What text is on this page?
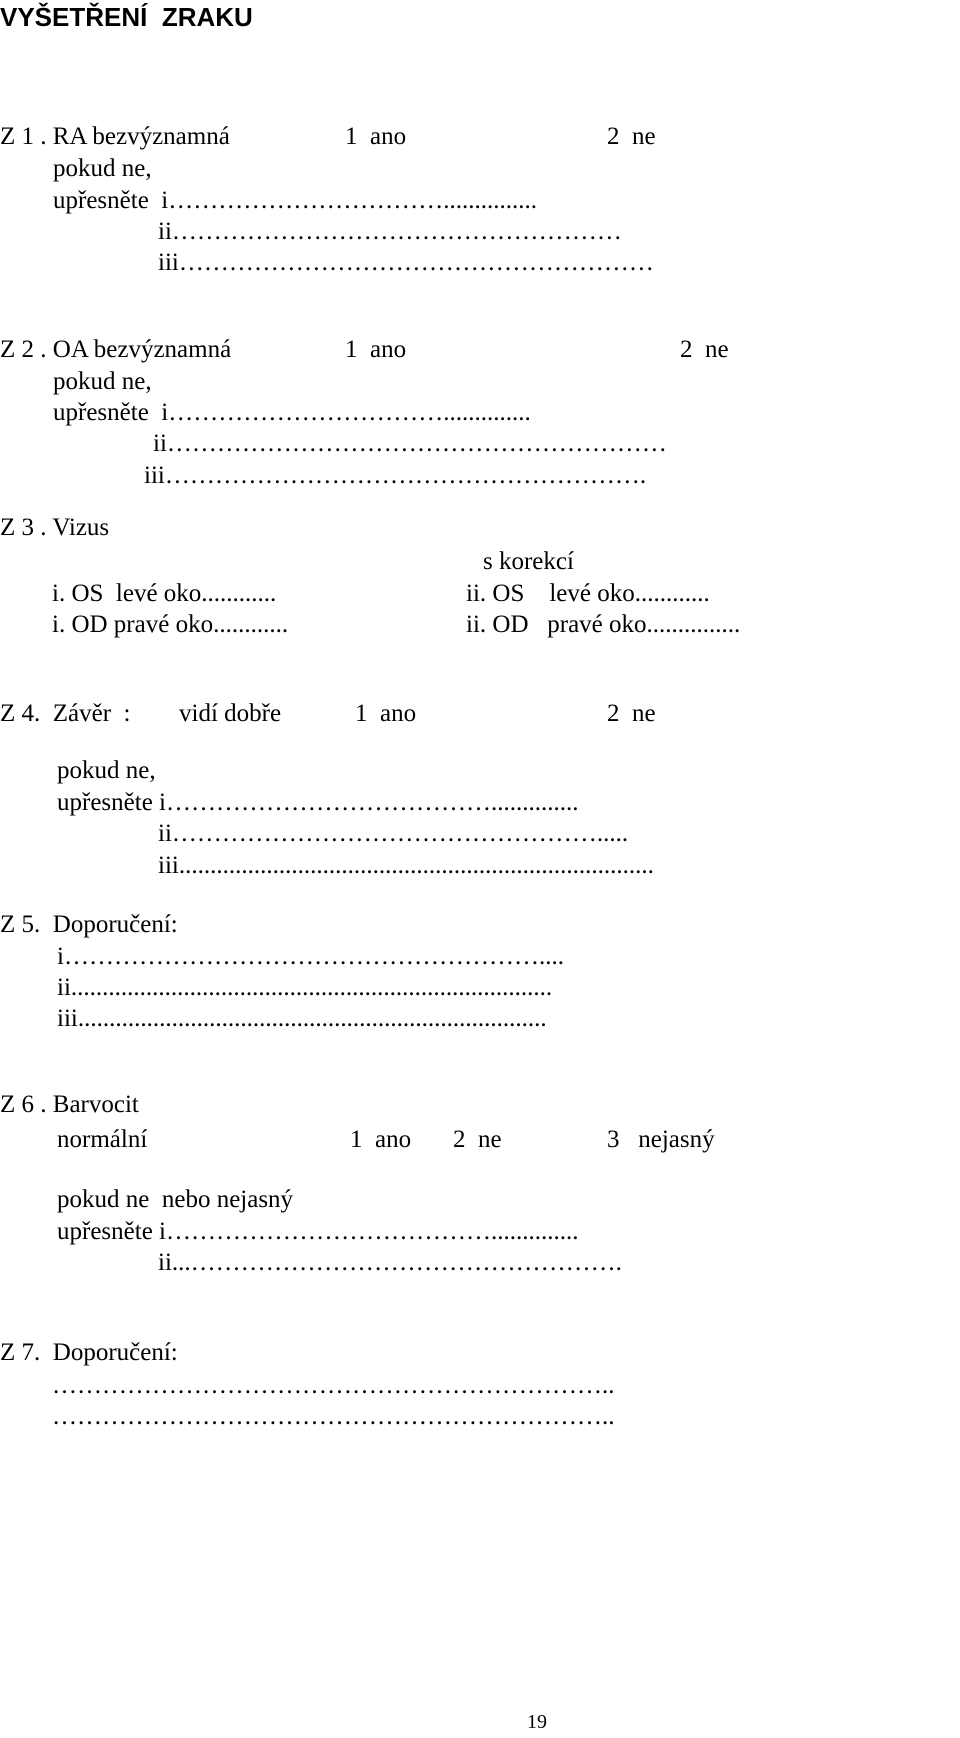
VYŠETŘENÍ  ZRAKU
Z 1 . RA bezvýznamná	1  ano	2  ne
pokud ne,
upřesněte  i……………………………...............
ii………………………………………………
iii…………………………………………………
Z 2 . OA bezvýznamná	1  ano	2  ne
pokud ne,
upřesněte  i……………………………..............
ii……………………………………………………
iii………………………………………………….
Z 3 . Vizus
s korekcí
i. OS  levé oko............	ii. OS    levé oko............
i. OD pravé oko............	ii. OD   pravé oko...............
Z 4.  Závěr  : vidí dobře	1  ano	2  ne
pokud ne,
upřesněte i…………………………………..............
ii…………………………………………….....
iii............................................................................
Z 5.  Doporučení:
i…………………………………………………....
ii.............................................................................
iii...........................................................................
Z 6 . Barvocit
normální	1  ano 2  ne	3   nejasný
pokud ne  nebo nejasný
upřesněte i…………………………………..............
ii...…………………………………………….
Z 7.  Doporučení:
…………………………………………………………..
…………………………………………………………..
19
